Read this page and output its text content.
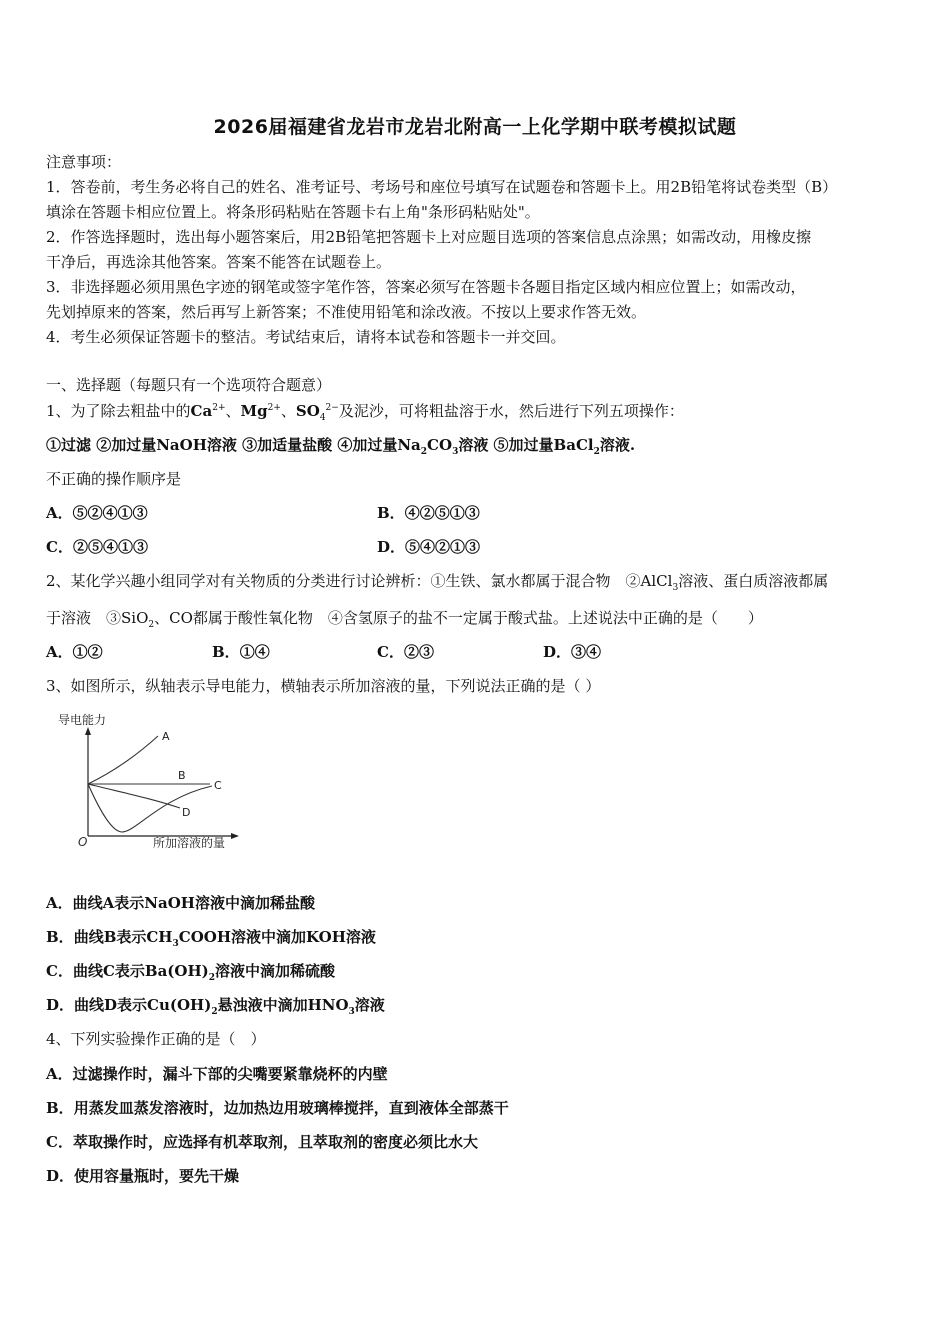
2026届福建省龙岩市龙岩北附高一上化学期中联考模拟试题
注意事项：
1．答卷前，考生务必将自己的姓名、准考证号、考场号和座位号填写在试题卷和答题卡上。用2B铅笔将试卷类型（B）
填涂在答题卡相应位置上。将条形码粘贴在答题卡右上角"条形码粘贴处"。
2．作答选择题时，选出每小题答案后，用2B铅笔把答题卡上对应题目选项的答案信息点涂黑；如需改动，用橡皮擦
干净后，再选涂其他答案。答案不能答在试题卷上。
3．非选择题必须用黑色字迹的钢笔或签字笔作答，答案必须写在答题卡各题目指定区域内相应位置上；如需改动，
先划掉原来的答案，然后再写上新答案；不准使用铅笔和涂改液。不按以上要求作答无效。
4．考生必须保证答题卡的整洁。考试结束后，请将本试卷和答题卡一并交回。
一、选择题（每题只有一个选项符合题意）
1、为了除去粗盐中的$Ca^{2+}$、$Mg^{2+}$、$SO_4^{2-}$及泥沙，可将粗盐溶于水，然后进行下列五项操作：
①过滤 ②加过量NaOH溶液 ③加适量盐酸 ④加过量$Na_2CO_3$溶液 ⑤加过量BaCl$_2$溶液.
不正确的操作顺序是
A．⑤②④①③	B．④②⑤①③
C．②⑤④①③	D．⑤④②①③
2、某化学兴趣小组同学对有关物质的分类进行讨论辨析：①生铁、氯水都属于混合物　②AlCl$_3$溶液、蛋白质溶液都属
于溶液　③SiO$_2$、CO都属于酸性氧化物　④含氢原子的盐不一定属于酸式盐。上述说法中正确的是（　　）
A．①②	B．①④	C．②③	D．③④
3、如图所示，纵轴表示导电能力，横轴表示所加溶液的量，下列说法正确的是（ ）
导电能力
O	所加溶液的量
A
B
C
D
A．曲线A表示NaOH溶液中滴加稀盐酸
B．曲线B表示$CH_3COOH$溶液中滴加KOH溶液
C．曲线C表示$Ba(OH)_2$溶液中滴加稀硫酸
D．曲线D表示$Cu(OH)_2$悬浊液中滴加$HNO_3$溶液
4、下列实验操作正确的是（　）
A．过滤操作时，漏斗下部的尖嘴要紧靠烧杯的内壁
B．用蒸发皿蒸发溶液时，边加热边用玻璃棒搅拌，直到液体全部蒸干
C．萃取操作时，应选择有机萃取剂，且萃取剂的密度必须比水大
D．使用容量瓶时，要先干燥
